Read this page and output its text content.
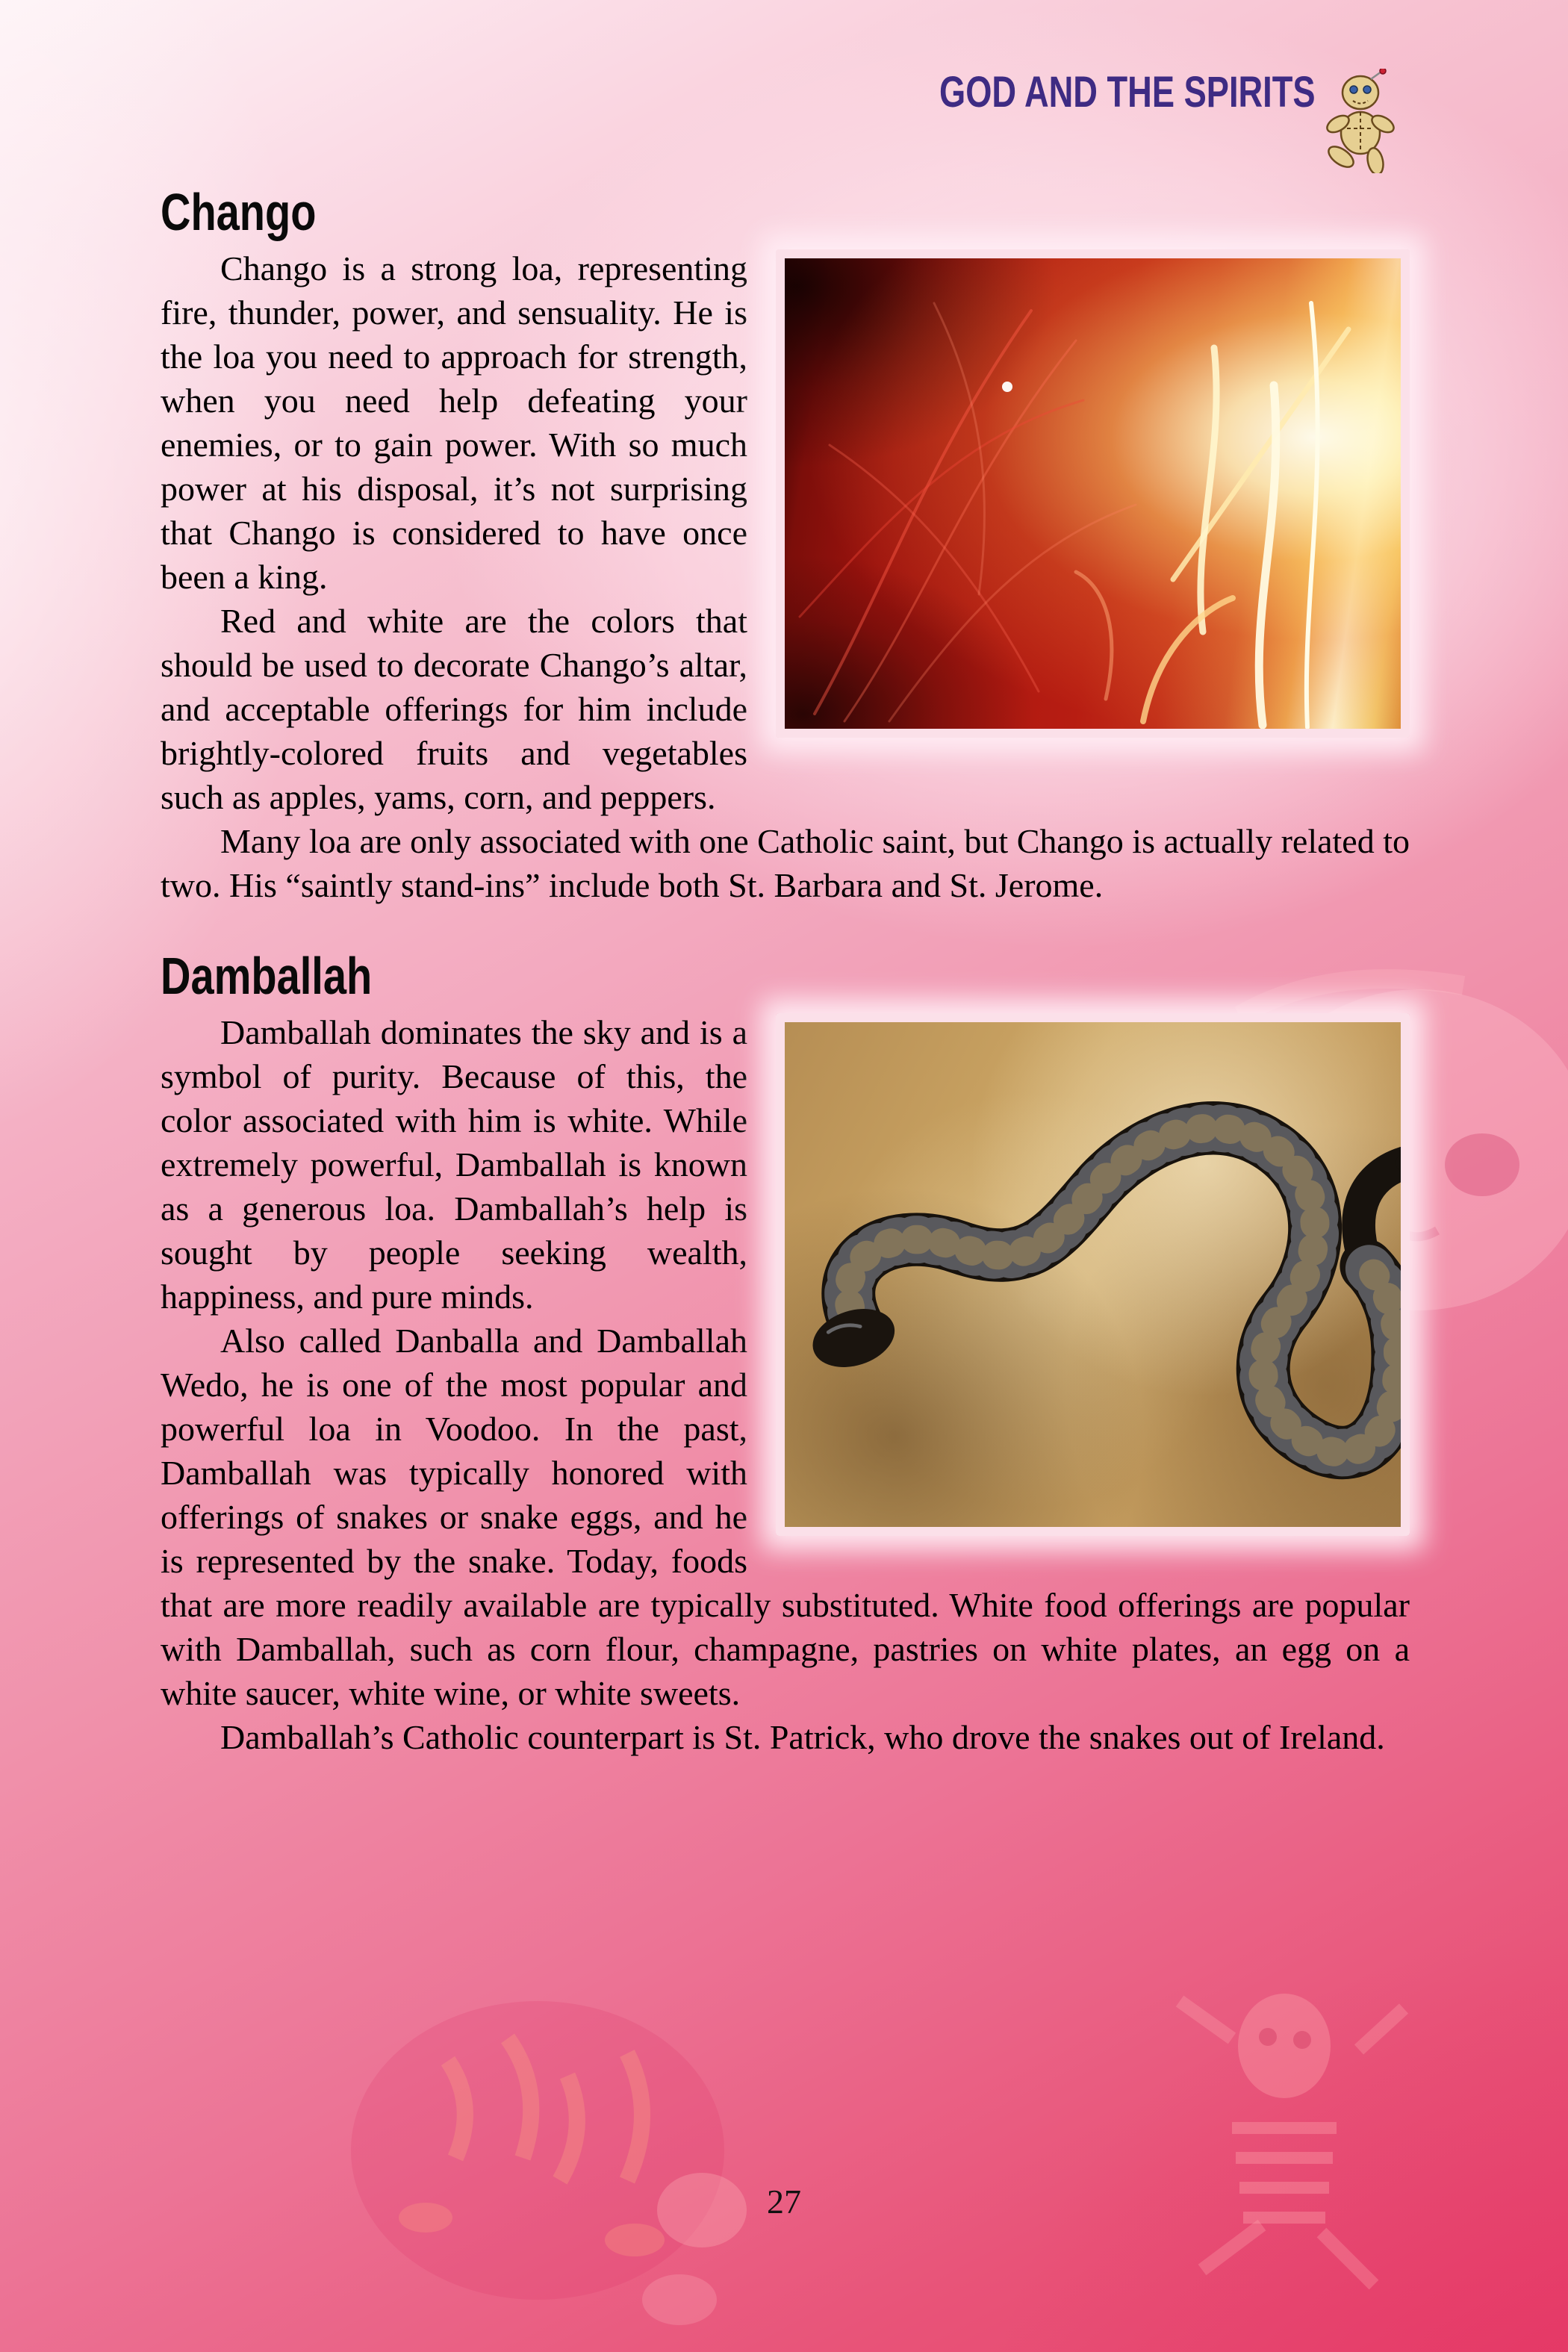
GOD AND THE SPIRITS
Chango

Chango is a strong loa, representing fire, thunder, power, and sensuality. He is the loa you need to approach for strength, when you need help defeating your enemies, or to gain power. With so much power at his disposal, it’s not surprising that Chango is considered to have once been a king.

Red and white are the colors that should be used to decorate Chango’s altar, and acceptable offerings for him include brightly-colored fruits and vegetables such as apples, yams, corn, and peppers.

Many loa are only associated with one Catholic saint, but Chango is actually related to two. His “saintly stand-ins” include both St. Barbara and St. Jerome.

Damballah

Damballah dominates the sky and is a symbol of purity. Because of this, the color associated with him is white. While extremely powerful, Damballah is known as a generous loa. Damballah’s help is sought by people seeking wealth, happiness, and pure minds.

Also called Danballa and Damballah Wedo, he is one of the most popular and powerful loa in Voodoo. In the past, Damballah was typically honored with offerings of snakes or snake eggs, and he is represented by the snake. Today, foods that are more readily available are typically substituted. White food offerings are popular with Damballah, such as corn flour, champagne, pastries on white plates, an egg on a white saucer, white wine, or white sweets.

Damballah’s Catholic counterpart is St. Patrick, who drove the snakes out of Ireland.

27
